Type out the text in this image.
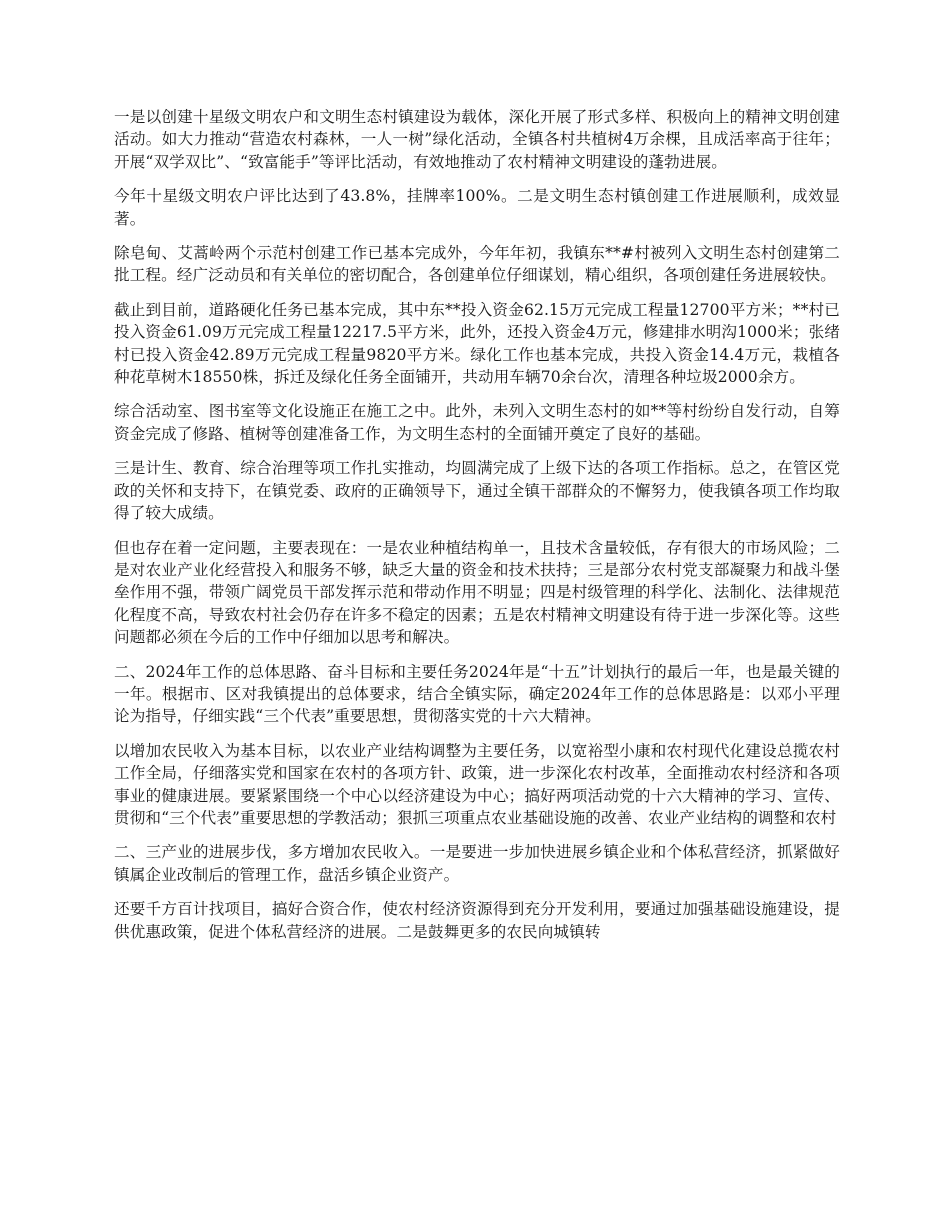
一是以创建十星级文明农户和文明生态村镇建设为载体，深化开展了形式多样、积极向上的精神文明创建活动。如大力推动“营造农村森林，一人一树”绿化活动，全镇各村共植树4万余棵，且成活率高于往年；开展“双学双比”、“致富能手”等评比活动，有效地推动了农村精神文明建设的蓬勃进展。

今年十星级文明农户评比达到了43.8%，挂牌率100%。二是文明生态村镇创建工作进展顺利，成效显著。

除皂甸、艾蒿岭两个示范村创建工作已基本完成外，今年年初，我镇东**#村被列入文明生态村创建第二批工程。经广泛动员和有关单位的密切配合，各创建单位仔细谋划，精心组织，各项创建任务进展较快。

截止到目前，道路硬化任务已基本完成，其中东**投入资金62.15万元完成工程量12700平方米；**村已投入资金61.09万元完成工程量12217.5平方米，此外，还投入资金4万元，修建排水明沟1000米；张绪村已投入资金42.89万元完成工程量9820平方米。绿化工作也基本完成，共投入资金14.4万元，栽植各种花草树木18550株，拆迁及绿化任务全面铺开，共动用车辆70余台次，清理各种垃圾2000余方。

综合活动室、图书室等文化设施正在施工之中。此外，未列入文明生态村的如**等村纷纷自发行动，自筹资金完成了修路、植树等创建准备工作，为文明生态村的全面铺开奠定了良好的基础。

三是计生、教育、综合治理等项工作扎实推动，均圆满完成了上级下达的各项工作指标。总之，在管区党政的关怀和支持下，在镇党委、政府的正确领导下，通过全镇干部群众的不懈努力，使我镇各项工作均取得了较大成绩。

但也存在着一定问题，主要表现在：一是农业种植结构单一，且技术含量较低，存有很大的市场风险；二是对农业产业化经营投入和服务不够，缺乏大量的资金和技术扶持；三是部分农村党支部凝聚力和战斗堡垒作用不强，带领广阔党员干部发挥示范和带动作用不明显；四是村级管理的科学化、法制化、法律规范化程度不高，导致农村社会仍存在许多不稳定的因素；五是农村精神文明建设有待于进一步深化等。这些问题都必须在今后的工作中仔细加以思考和解决。

二、2024年工作的总体思路、奋斗目标和主要任务2024年是“十五”计划执行的最后一年，也是最关键的一年。根据市、区对我镇提出的总体要求，结合全镇实际，确定2024年工作的总体思路是：以邓小平理论为指导，仔细实践“三个代表”重要思想，贯彻落实党的十六大精神。

以增加农民收入为基本目标，以农业产业结构调整为主要任务，以宽裕型小康和农村现代化建设总揽农村工作全局，仔细落实党和国家在农村的各项方针、政策，进一步深化农村改革，全面推动农村经济和各项事业的健康进展。要紧紧围绕一个中心以经济建设为中心；搞好两项活动党的十六大精神的学习、宣传、贯彻和“三个代表”重要思想的学教活动；狠抓三项重点农业基础设施的改善、农业产业结构的调整和农村

二、三产业的进展步伐，多方增加农民收入。一是要进一步加快进展乡镇企业和个体私营经济，抓紧做好镇属企业改制后的管理工作，盘活乡镇企业资产。

还要千方百计找项目，搞好合资合作，使农村经济资源得到充分开发利用，要通过加强基础设施建设，提供优惠政策，促进个体私营经济的进展。二是鼓舞更多的农民向城镇转
